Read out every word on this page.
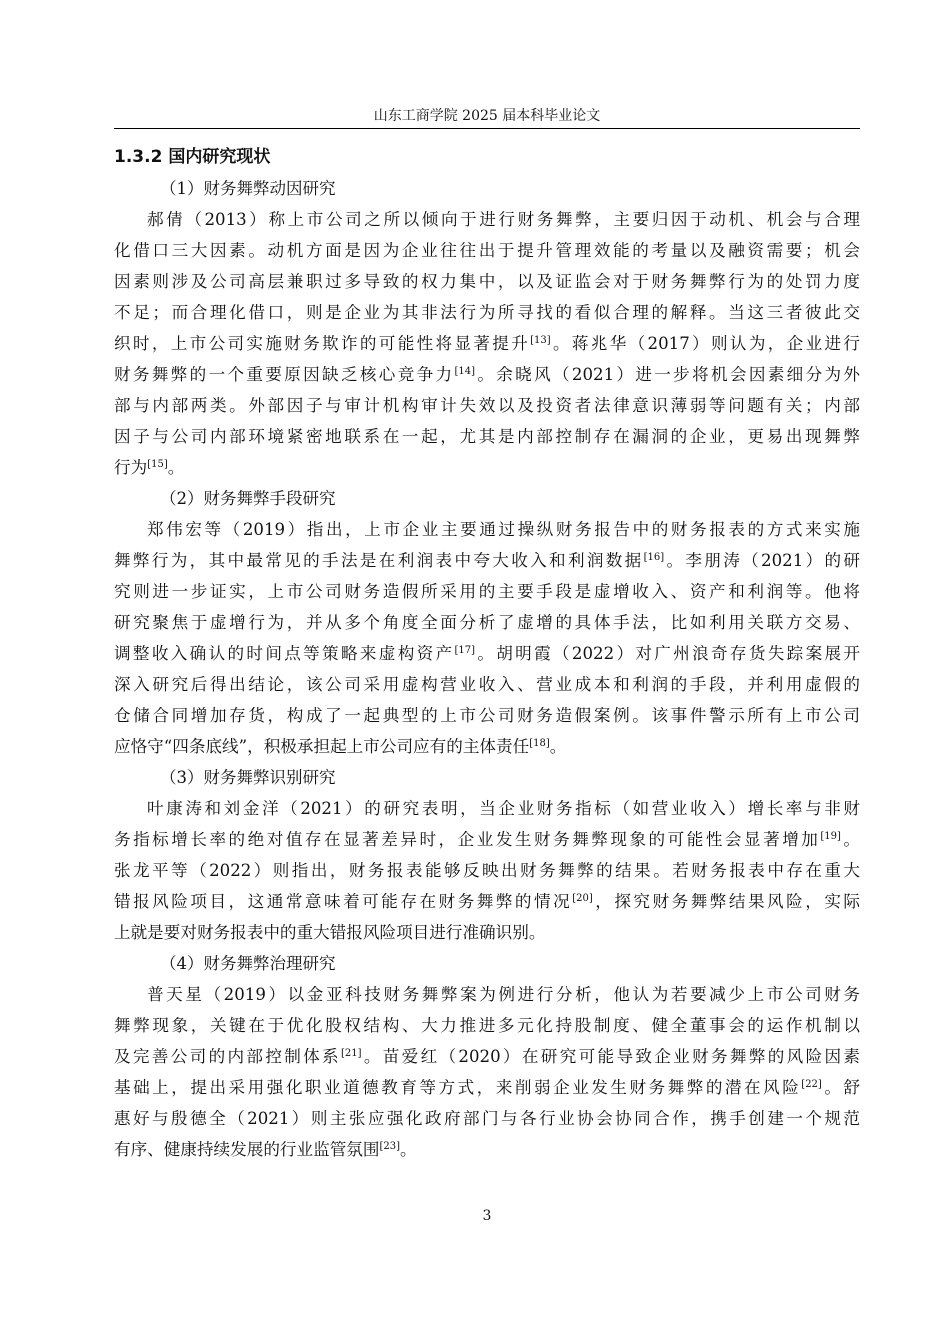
山东工商学院 2025 届本科毕业论文
1.3.2 国内研究现状
（1）财务舞弊动因研究
郝倩（2013）称上市公司之所以倾向于进行财务舞弊，主要归因于动机、机会与合理
化借口三大因素。动机方面是因为企业往往出于提升管理效能的考量以及融资需要；机会
因素则涉及公司高层兼职过多导致的权力集中，以及证监会对于财务舞弊行为的处罚力度
不足；而合理化借口，则是企业为其非法行为所寻找的看似合理的解释。当这三者彼此交
织时，上市公司实施财务欺诈的可能性将显著提升[13]。蒋兆华（2017）则认为，企业进行
财务舞弊的一个重要原因缺乏核心竞争力[14]。余晓风（2021）进一步将机会因素细分为外
部与内部两类。外部因子与审计机构审计失效以及投资者法律意识薄弱等问题有关；内部
因子与公司内部环境紧密地联系在一起，尤其是内部控制存在漏洞的企业，更易出现舞弊
行为[15]。
（2）财务舞弊手段研究
郑伟宏等（2019）指出，上市企业主要通过操纵财务报告中的财务报表的方式来实施
舞弊行为，其中最常见的手法是在利润表中夸大收入和利润数据[16]。李朋涛（2021）的研
究则进一步证实，上市公司财务造假所采用的主要手段是虚增收入、资产和利润等。他将
研究聚焦于虚增行为，并从多个角度全面分析了虚增的具体手法，比如利用关联方交易、
调整收入确认的时间点等策略来虚构资产[17]。胡明霞（2022）对广州浪奇存货失踪案展开
深入研究后得出结论，该公司采用虚构营业收入、营业成本和利润的手段，并利用虚假的
仓储合同增加存货，构成了一起典型的上市公司财务造假案例。该事件警示所有上市公司
应恪守“四条底线”，积极承担起上市公司应有的主体责任[18]。
（3）财务舞弊识别研究
叶康涛和刘金洋（2021）的研究表明，当企业财务指标（如营业收入）增长率与非财
务指标增长率的绝对值存在显著差异时，企业发生财务舞弊现象的可能性会显著增加[19]。
张龙平等（2022）则指出，财务报表能够反映出财务舞弊的结果。若财务报表中存在重大
错报风险项目，这通常意味着可能存在财务舞弊的情况[20]，探究财务舞弊结果风险，实际
上就是要对财务报表中的重大错报风险项目进行准确识别。
（4）财务舞弊治理研究
普天星（2019）以金亚科技财务舞弊案为例进行分析，他认为若要减少上市公司财务
舞弊现象，关键在于优化股权结构、大力推进多元化持股制度、健全董事会的运作机制以
及完善公司的内部控制体系[21]。苗爱红（2020）在研究可能导致企业财务舞弊的风险因素
基础上，提出采用强化职业道德教育等方式，来削弱企业发生财务舞弊的潜在风险[22]。舒
惠好与殷德全（2021）则主张应强化政府部门与各行业协会协同合作，携手创建一个规范
有序、健康持续发展的行业监管氛围[23]。
3
